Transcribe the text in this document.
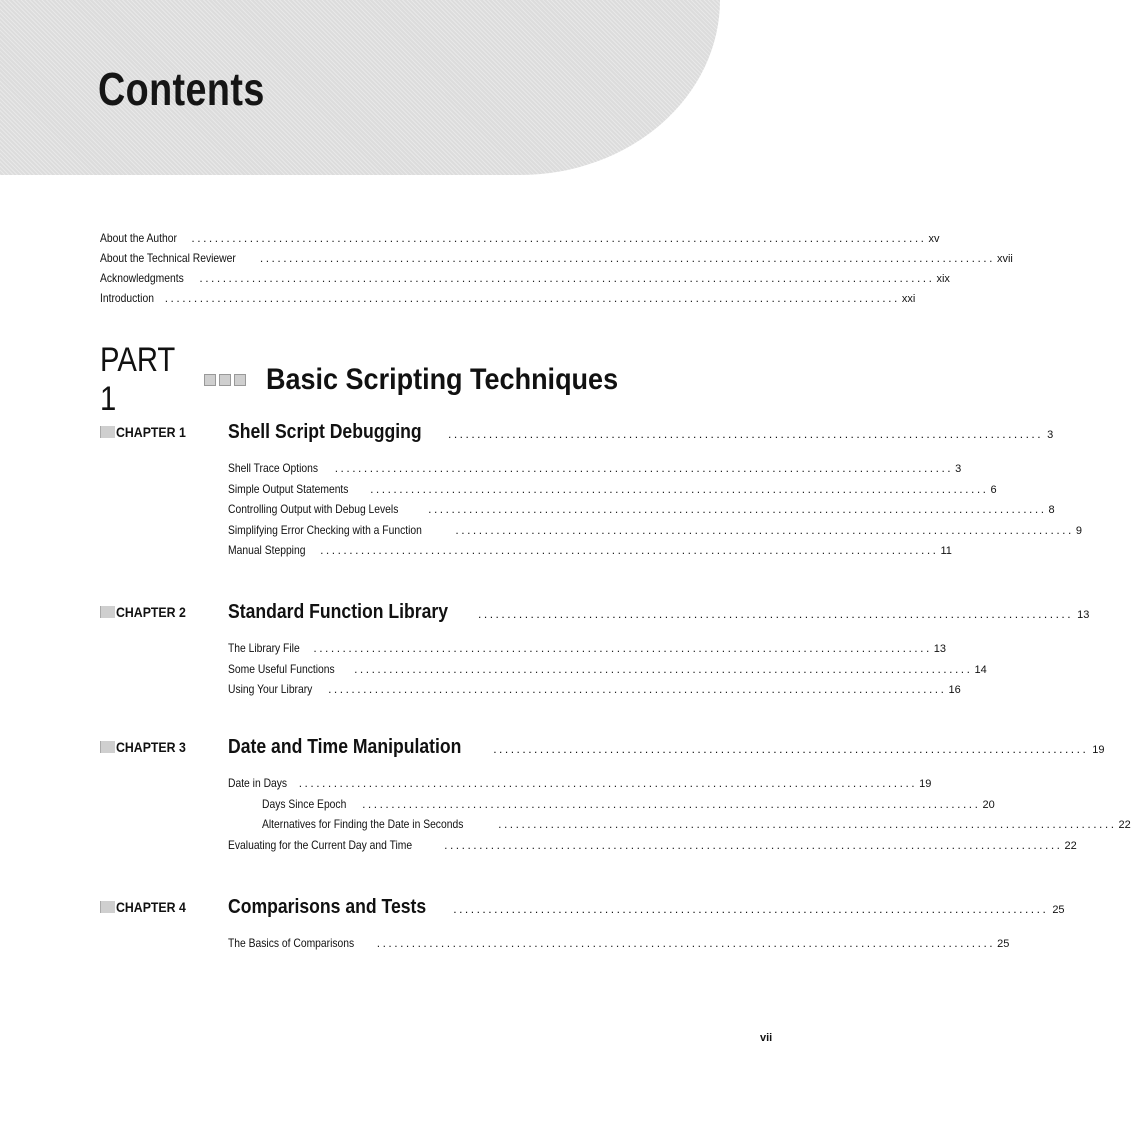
Contents
About the Author .............................................................................................................................. xv
About the Technical Reviewer .............................................................................................................................. xvii
Acknowledgments .............................................................................................................................. xix
Introduction .............................................................................................................................. xxi
PART 1
Basic Scripting Techniques
CHAPTER 1 Shell Script Debugging ...................................................................................................... 3
Shell Trace Options .......................................................................................................... 3
Simple Output Statements .......................................................................................................... 6
Controlling Output with Debug Levels .......................................................................................................... 8
Simplifying Error Checking with a Function	.......................................................................................................... 9
Manual Stepping .......................................................................................................... 11
CHAPTER 2 Standard Function Library	...................................................................................................... 13
The Library File .......................................................................................................... 13
Some Useful Functions .......................................................................................................... 14
Using Your Library .......................................................................................................... 16
CHAPTER 3 Date and Time Manipulation	...................................................................................................... 19
Date in Days .......................................................................................................... 19
Days Since Epoch .......................................................................................................... 20
Alternatives for Finding the Date in Seconds	.......................................................................................................... 22
Evaluating for the Current Day and Time	.......................................................................................................... 22
CHAPTER 4 Comparisons and Tests ...................................................................................................... 25
The Basics of Comparisons .......................................................................................................... 25
vii
